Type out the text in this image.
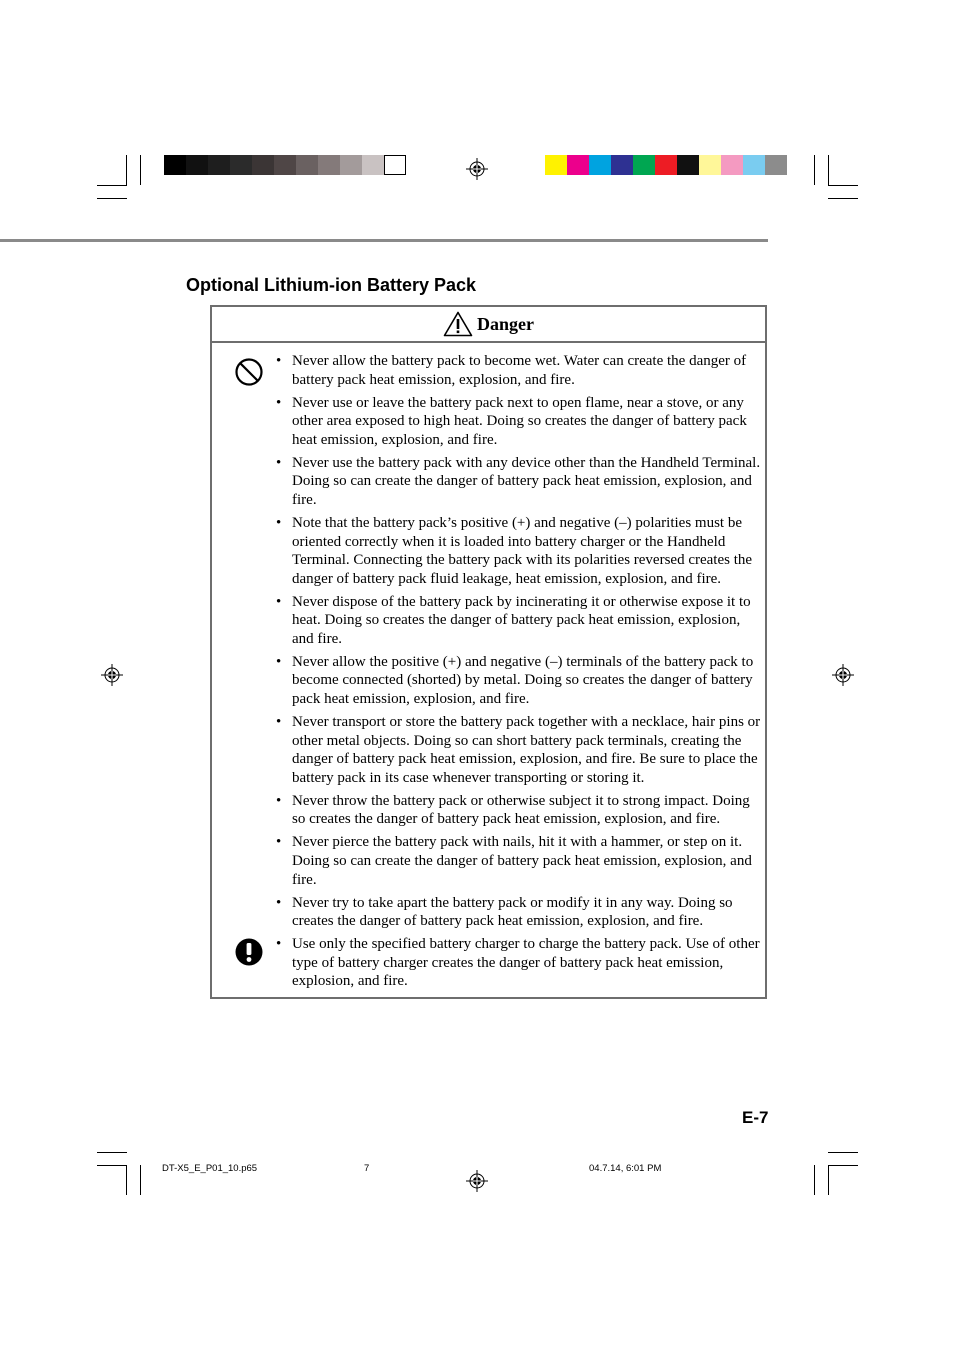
Optional Lithium-ion Battery Pack
Danger
• Never allow the battery pack to become wet. Water can create the danger of battery pack heat emission, explosion, and fire.
• Never use or leave the battery pack next to open flame, near a stove, or any other area exposed to high heat. Doing so creates the danger of battery pack heat emission, explosion, and fire.
• Never use the battery pack with any device other than the Handheld Terminal. Doing so can create the danger of battery pack heat emission, explosion, and fire.
• Note that the battery pack’s positive (+) and negative (–) polarities must be oriented correctly when it is loaded into battery charger or the Handheld Terminal. Connecting the battery pack with its polarities reversed creates the danger of battery pack fluid leakage, heat emission, explosion, and fire.
• Never dispose of the battery pack by incinerating it or otherwise expose it to heat. Doing so creates the danger of battery pack heat emission, explosion, and fire.
• Never allow the positive (+) and negative (–) terminals of the battery pack to become connected (shorted) by metal. Doing so creates the danger of battery pack heat emission, explosion, and fire.
• Never transport or store the battery pack together with a necklace, hair pins or other metal objects. Doing so can short battery pack terminals, creating the danger of battery pack heat emission, explosion, and fire. Be sure to place the battery pack in its case whenever transporting or storing it.
• Never throw the battery pack or otherwise subject it to strong impact. Doing so creates the danger of battery pack heat emission, explosion, and fire.
• Never pierce the battery pack with nails, hit it with a hammer, or step on it. Doing so can create the danger of battery pack heat emission, explosion, and fire.
• Never try to take apart the battery pack or modify it in any way. Doing so creates the danger of battery pack heat emission, explosion, and fire.
• Use only the specified battery charger to charge the battery pack. Use of other type of battery charger creates the danger of battery pack heat emission, explosion, and fire.
E-7
DT-X5_E_P01_10.p65	7	04.7.14, 6:01 PM
